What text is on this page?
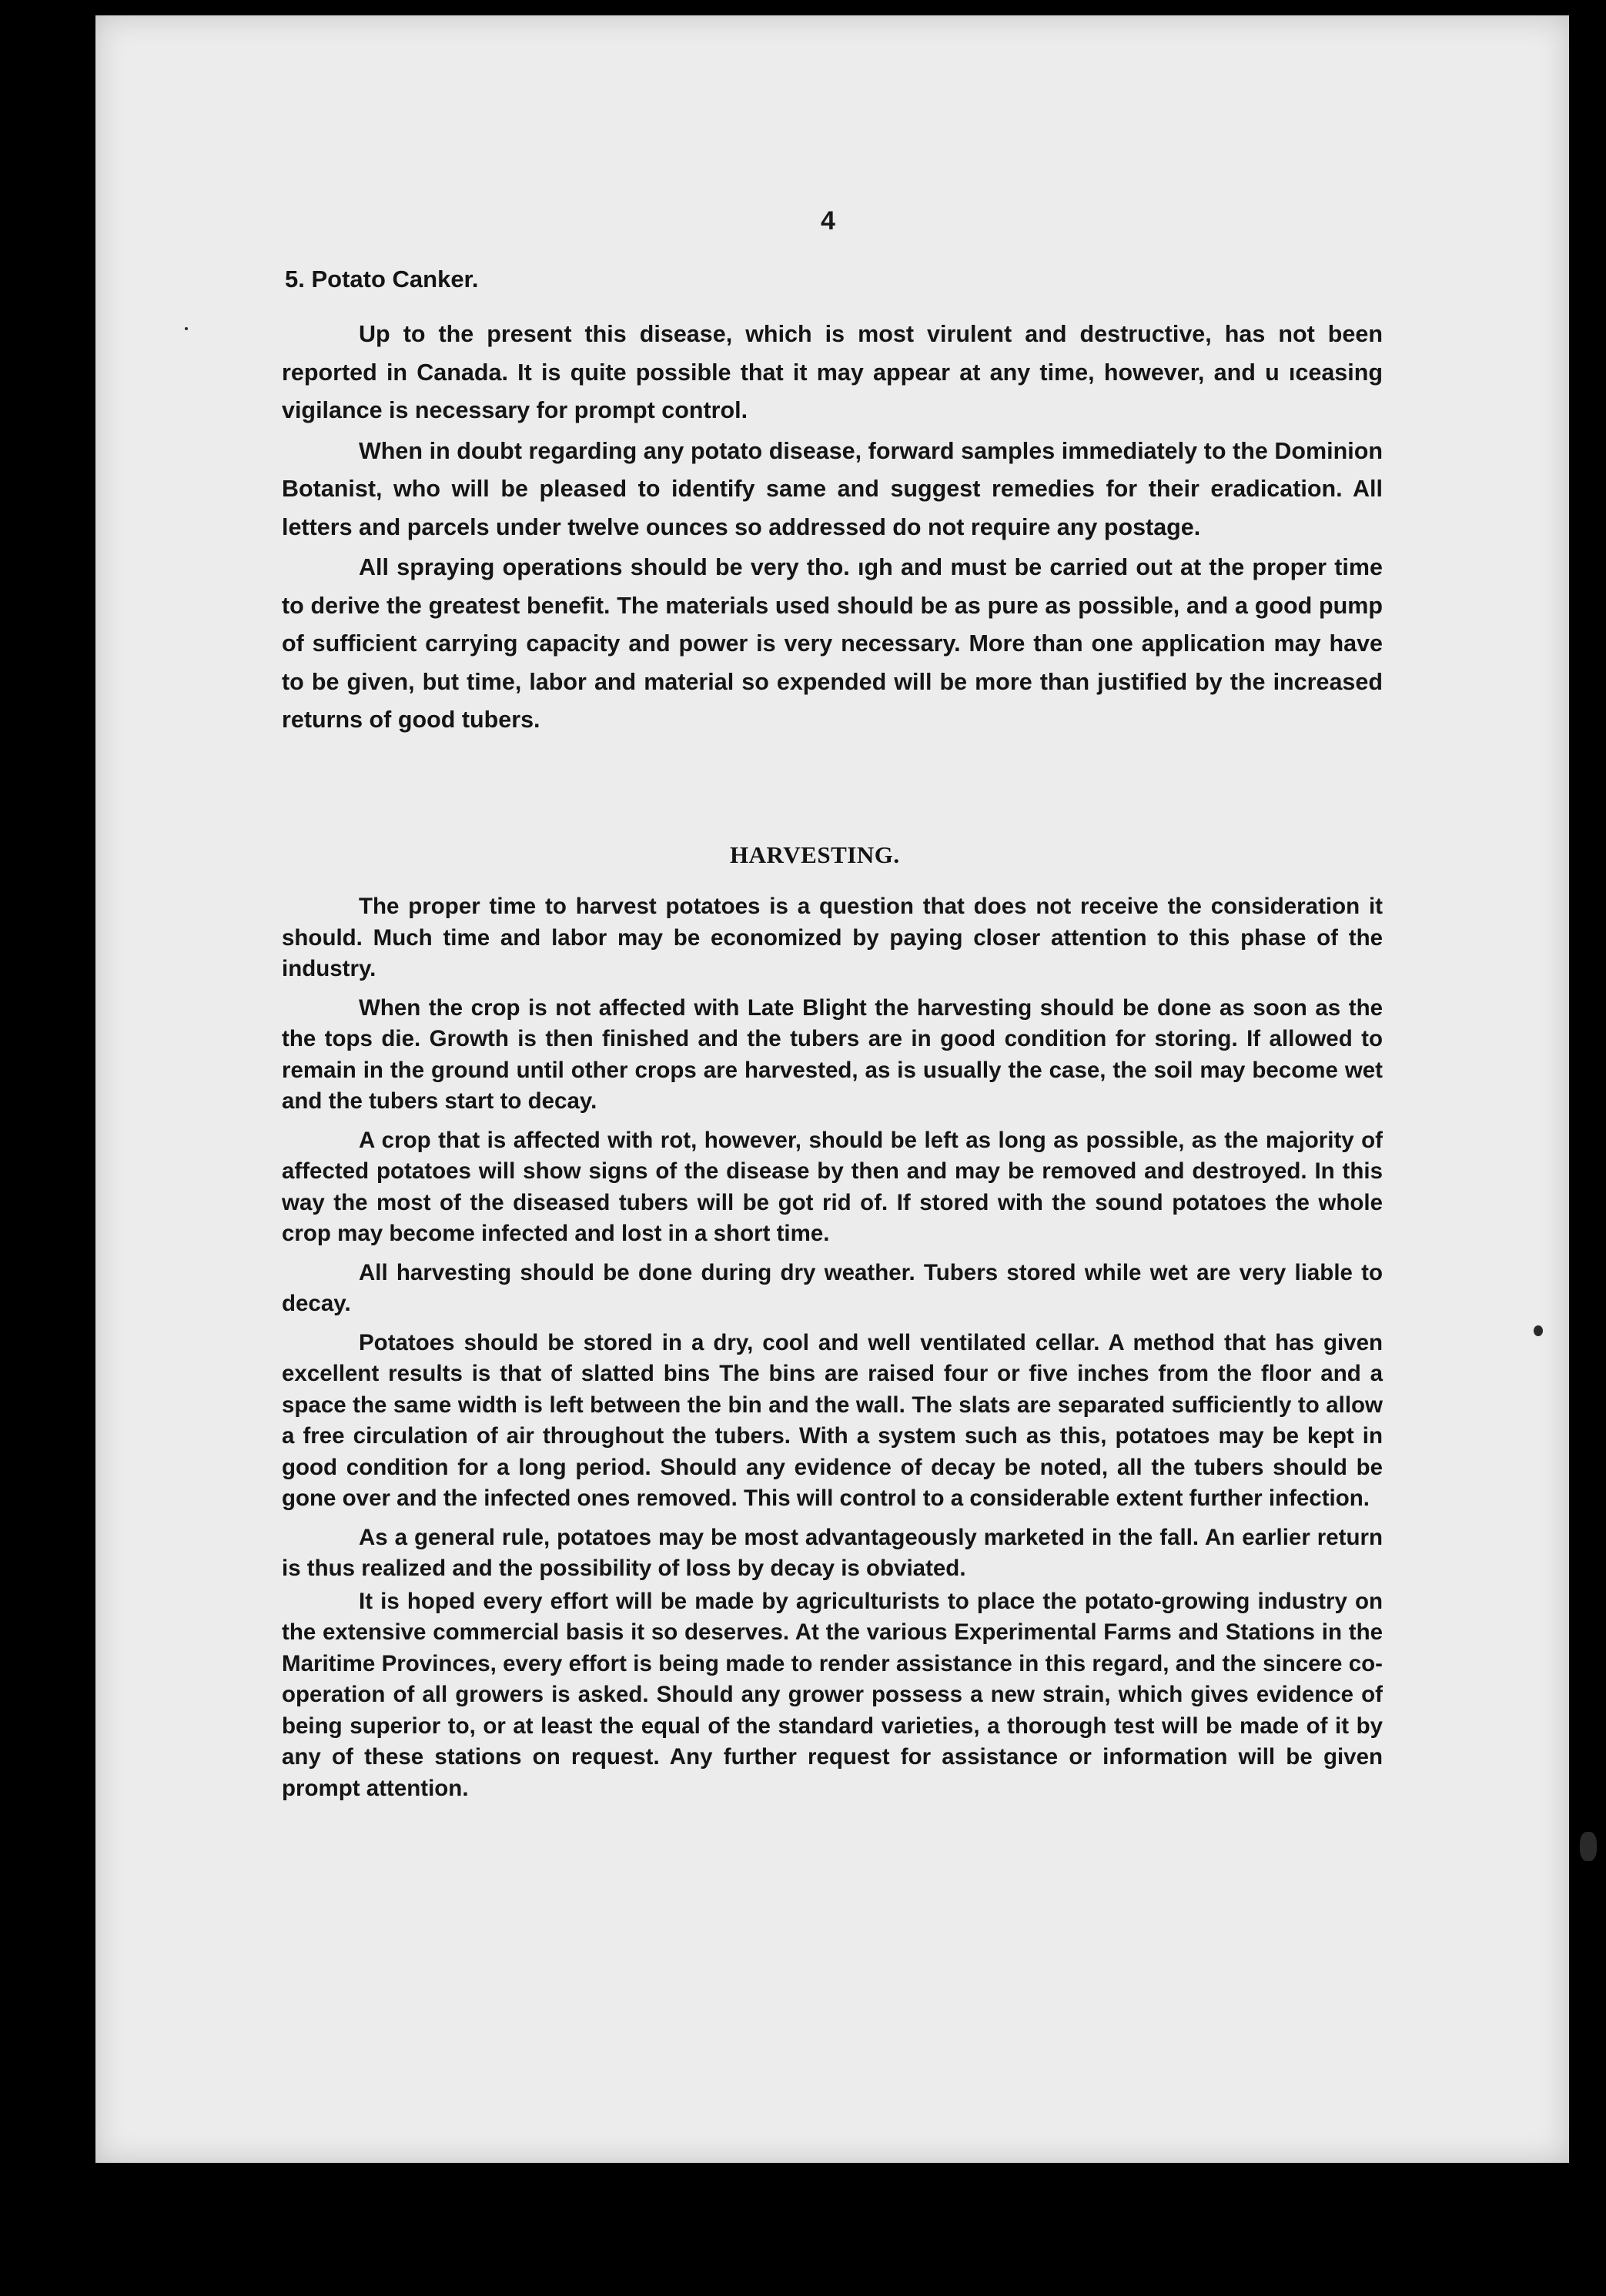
4
5. Potato Canker.

Up to the present this disease, which is most virulent and destructive, has not been reported in Canada. It is quite possible that it may appear at any time, however, and u ıceasing vigilance is necessary for prompt control.

When in doubt regarding any potato disease, forward samples immediately to the Dominion Botanist, who will be pleased to identify same and suggest remedies for their eradication. All letters and parcels under twelve ounces so addressed do not require any postage.

All spraying operations should be very tho. ıgh and must be carried out at the proper time to derive the greatest benefit. The materials used should be as pure as possible, and a good pump of sufficient carrying capacity and power is very necessary. More than one application may have to be given, but time, labor and material so expended will be more than justified by the increased returns of good tubers.

HARVESTING.

The proper time to harvest potatoes is a question that does not receive the consideration it should. Much time and labor may be economized by paying closer attention to this phase of the industry.

When the crop is not affected with Late Blight the harvesting should be done as soon as the the tops die. Growth is then finished and the tubers are in good condition for storing. If allowed to remain in the ground until other crops are harvested, as is usually the case, the soil may become wet and the tubers start to decay.

A crop that is affected with rot, however, should be left as long as possible, as the majority of affected potatoes will show signs of the disease by then and may be removed and destroyed. In this way the most of the diseased tubers will be got rid of. If stored with the sound potatoes the whole crop may become infected and lost in a short time.

All harvesting should be done during dry weather. Tubers stored while wet are very liable to decay.

Potatoes should be stored in a dry, cool and well ventilated cellar. A method that has given excellent results is that of slatted bins The bins are raised four or five inches from the floor and a space the same width is left between the bin and the wall. The slats are separated sufficiently to allow a free circulation of air throughout the tubers. With a system such as this, potatoes may be kept in good condition for a long period. Should any evidence of decay be noted, all the tubers should be gone over and the infected ones removed. This will control to a considerable extent further infection.

As a general rule, potatoes may be most advantageously marketed in the fall. An earlier return is thus realized and the possibility of loss by decay is obviated.

It is hoped every effort will be made by agriculturists to place the potato-growing industry on the extensive commercial basis it so deserves. At the various Experimental Farms and Stations in the Maritime Provinces, every effort is being made to render assistance in this regard, and the sincere co-operation of all growers is asked. Should any grower possess a new strain, which gives evidence of being superior to, or at least the equal of the standard varieties, a thorough test will be made of it by any of these stations on request. Any further request for assistance or information will be given prompt attention.
